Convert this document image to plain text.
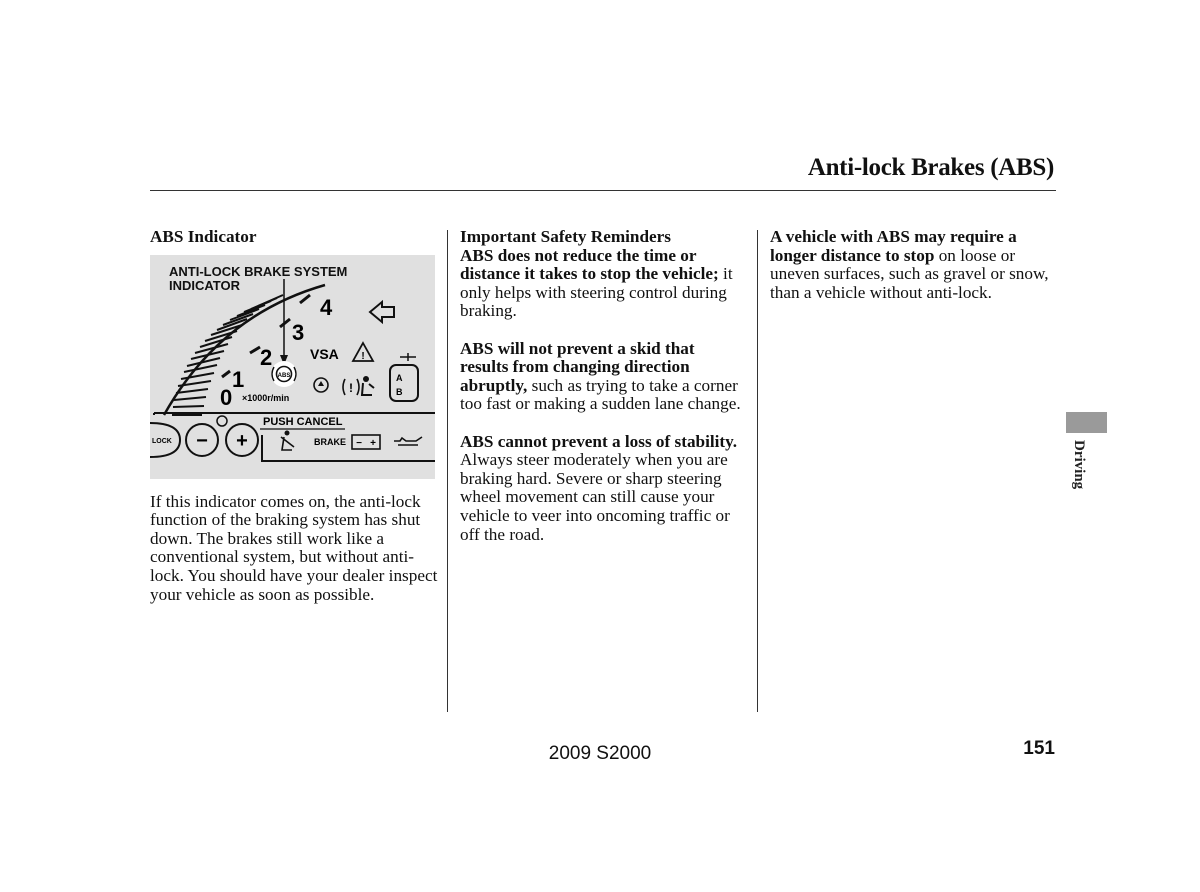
Anti-lock Brakes (ABS)

ABS Indicator

ANTI-LOCK BRAKE SYSTEM
INDICATOR
4
3
2
1
0 ×1000r/min
ABS
VSA !
!
A
B
PUSH CANCEL
LOCK − +	BRAKE − +

If this indicator comes on, the anti-lock function of the braking system has shut down. The brakes still work like a conventional system, but without anti-lock. You should have your dealer inspect your vehicle as soon as possible.

Important Safety Reminders
ABS does not reduce the time or distance it takes to stop the vehicle; it only helps with steering control during braking.

ABS will not prevent a skid that results from changing direction abruptly, such as trying to take a corner too fast or making a sudden lane change.

ABS cannot prevent a loss of stability. Always steer moderately when you are braking hard. Severe or sharp steering wheel movement can still cause your vehicle to veer into oncoming traffic or off the road.

A vehicle with ABS may require a longer distance to stop on loose or uneven surfaces, such as gravel or snow, than a vehicle without anti-lock.

Driving
2009 S2000	151
